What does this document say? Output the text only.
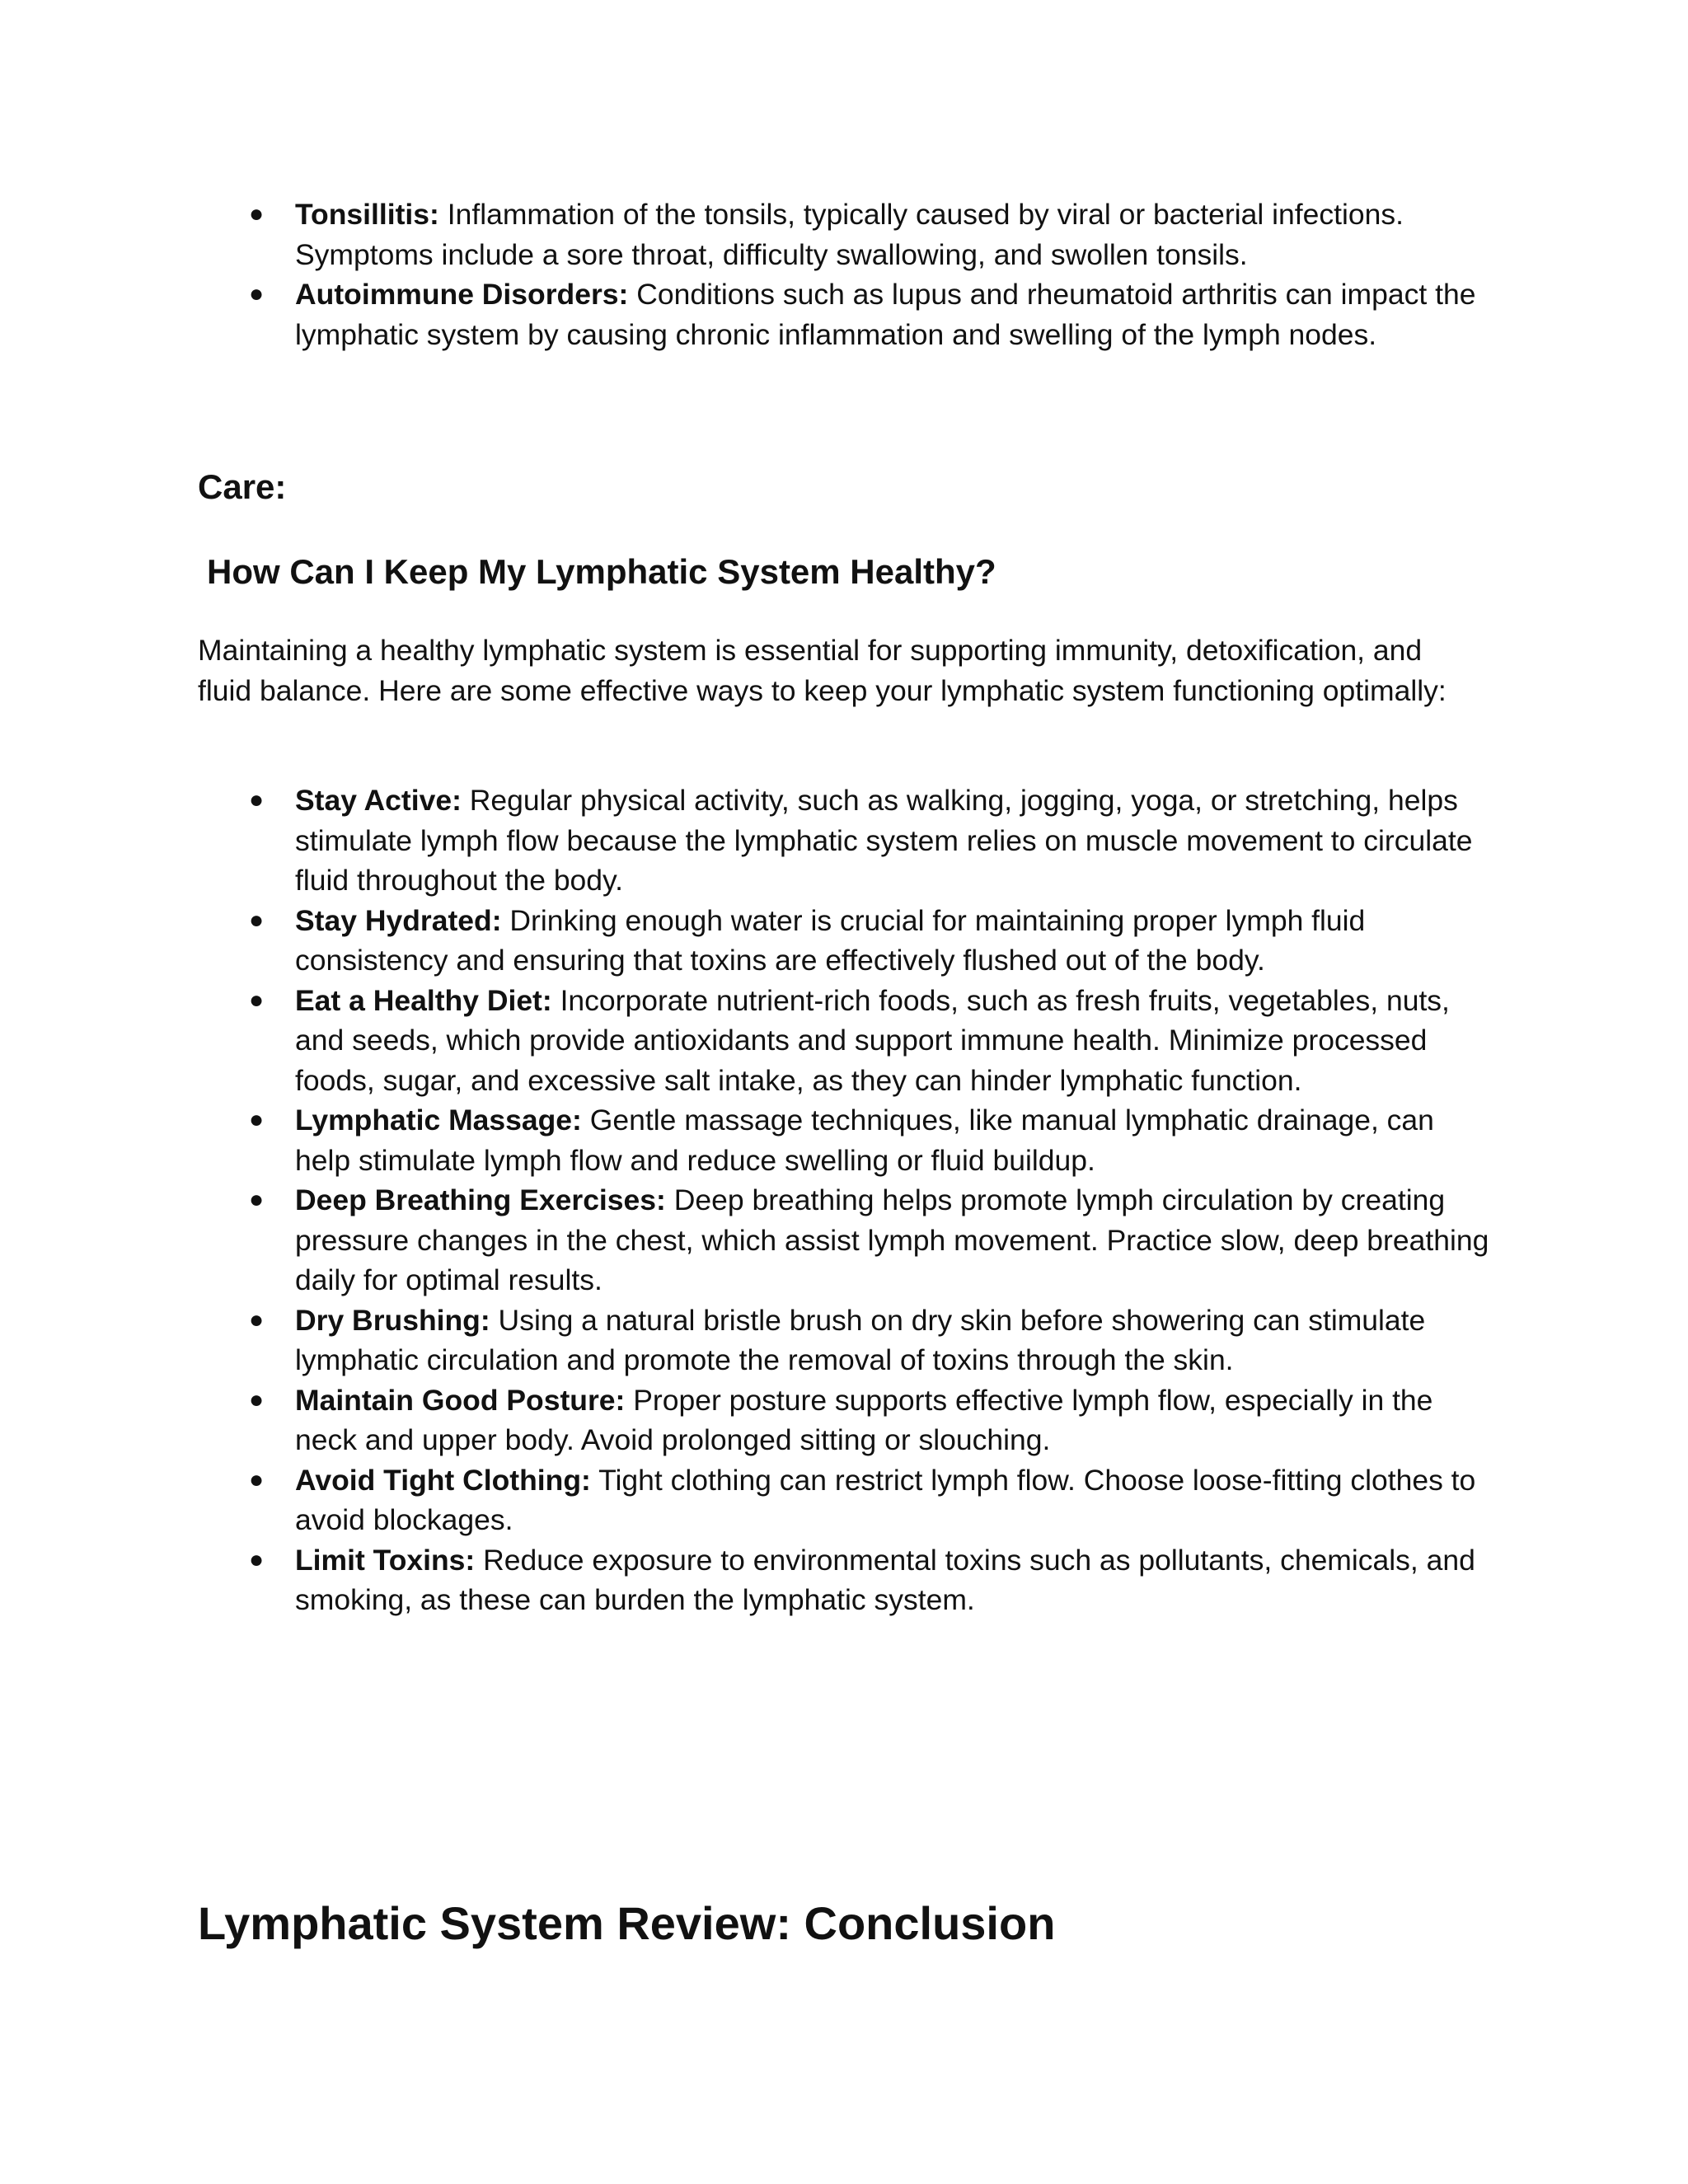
● Tonsillitis: Inflammation of the tonsils, typically caused by viral or bacterial infections. Symptoms include a sore throat, difficulty swallowing, and swollen tonsils.
● Autoimmune Disorders: Conditions such as lupus and rheumatoid arthritis can impact the lymphatic system by causing chronic inflammation and swelling of the lymph nodes.
Care:
How Can I Keep My Lymphatic System Healthy?

Maintaining a healthy lymphatic system is essential for supporting immunity, detoxification, and fluid balance. Here are some effective ways to keep your lymphatic system functioning optimally:

● Stay Active: Regular physical activity, such as walking, jogging, yoga, or stretching, helps stimulate lymph flow because the lymphatic system relies on muscle movement to circulate fluid throughout the body.
● Stay Hydrated: Drinking enough water is crucial for maintaining proper lymph fluid consistency and ensuring that toxins are effectively flushed out of the body.
● Eat a Healthy Diet: Incorporate nutrient-rich foods, such as fresh fruits, vegetables, nuts, and seeds, which provide antioxidants and support immune health. Minimize processed foods, sugar, and excessive salt intake, as they can hinder lymphatic function.
● Lymphatic Massage: Gentle massage techniques, like manual lymphatic drainage, can help stimulate lymph flow and reduce swelling or fluid buildup.
● Deep Breathing Exercises: Deep breathing helps promote lymph circulation by creating pressure changes in the chest, which assist lymph movement. Practice slow, deep breathing daily for optimal results.
● Dry Brushing: Using a natural bristle brush on dry skin before showering can stimulate lymphatic circulation and promote the removal of toxins through the skin.
● Maintain Good Posture: Proper posture supports effective lymph flow, especially in the neck and upper body. Avoid prolonged sitting or slouching.
● Avoid Tight Clothing: Tight clothing can restrict lymph flow. Choose loose-fitting clothes to avoid blockages.
● Limit Toxins: Reduce exposure to environmental toxins such as pollutants, chemicals, and smoking, as these can burden the lymphatic system.
Lymphatic System Review: Conclusion
